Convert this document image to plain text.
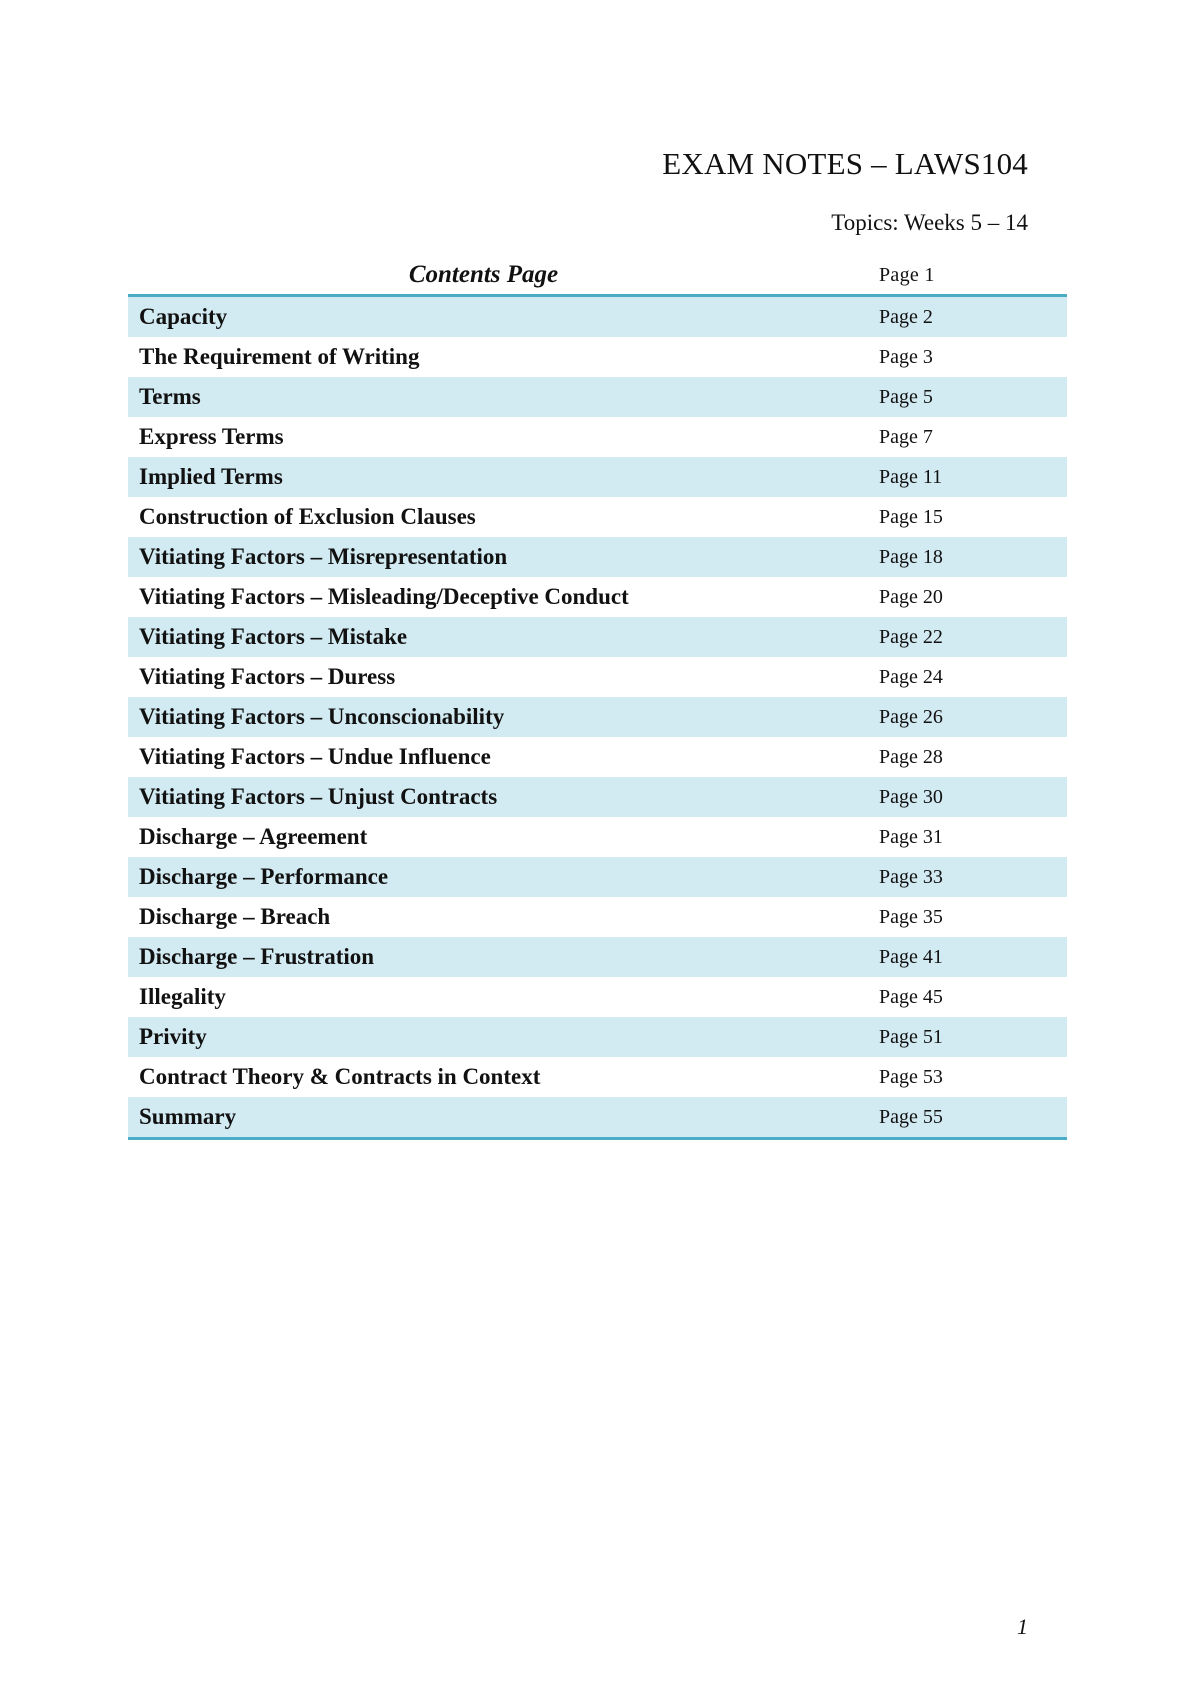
EXAM NOTES – LAWS104
Topics: Weeks 5 – 14
Contents Page	Page 1
Capacity	Page 2
The Requirement of Writing	Page 3
Terms	Page 5
Express Terms	Page 7
Implied Terms	Page 11
Construction of Exclusion Clauses	Page 15
Vitiating Factors – Misrepresentation	Page 18
Vitiating Factors – Misleading/Deceptive Conduct	Page 20
Vitiating Factors – Mistake	Page 22
Vitiating Factors – Duress	Page 24
Vitiating Factors – Unconscionability	Page 26
Vitiating Factors – Undue Influence	Page 28
Vitiating Factors – Unjust Contracts	Page 30
Discharge – Agreement	Page 31
Discharge – Performance	Page 33
Discharge – Breach	Page 35
Discharge – Frustration	Page 41
Illegality	Page 45
Privity	Page 51
Contract Theory & Contracts in Context	Page 53
Summary	Page 55
1
